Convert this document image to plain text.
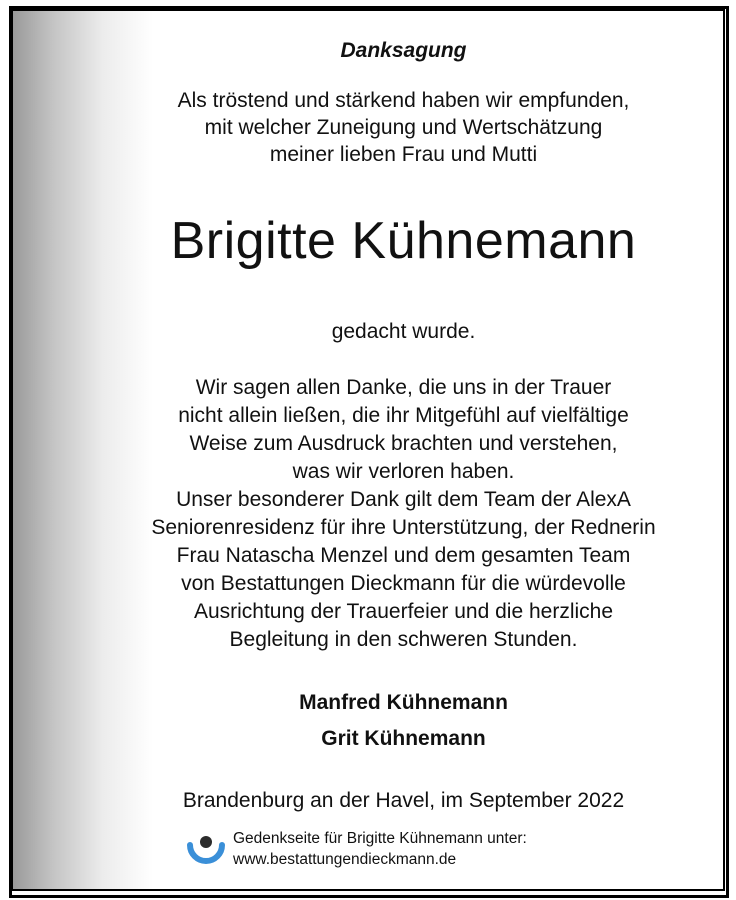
Danksagung
Als tröstend und stärkend haben wir empfunden,
mit welcher Zuneigung und Wertschätzung
meiner lieben Frau und Mutti
Brigitte Kühnemann
gedacht wurde.
Wir sagen allen Danke, die uns in der Trauer
nicht allein ließen, die ihr Mitgefühl auf vielfältige
Weise zum Ausdruck brachten und verstehen,
was wir verloren haben.
Unser besonderer Dank gilt dem Team der AlexA
Seniorenresidenz für ihre Unterstützung, der Rednerin
Frau Natascha Menzel und dem gesamten Team
von Bestattungen Dieckmann für die würdevolle
Ausrichtung der Trauerfeier und die herzliche
Begleitung in den schweren Stunden.
Manfred Kühnemann
Grit Kühnemann
Brandenburg an der Havel, im September 2022
Gedenkseite für Brigitte Kühnemann unter:
www.bestattungendieckmann.de
